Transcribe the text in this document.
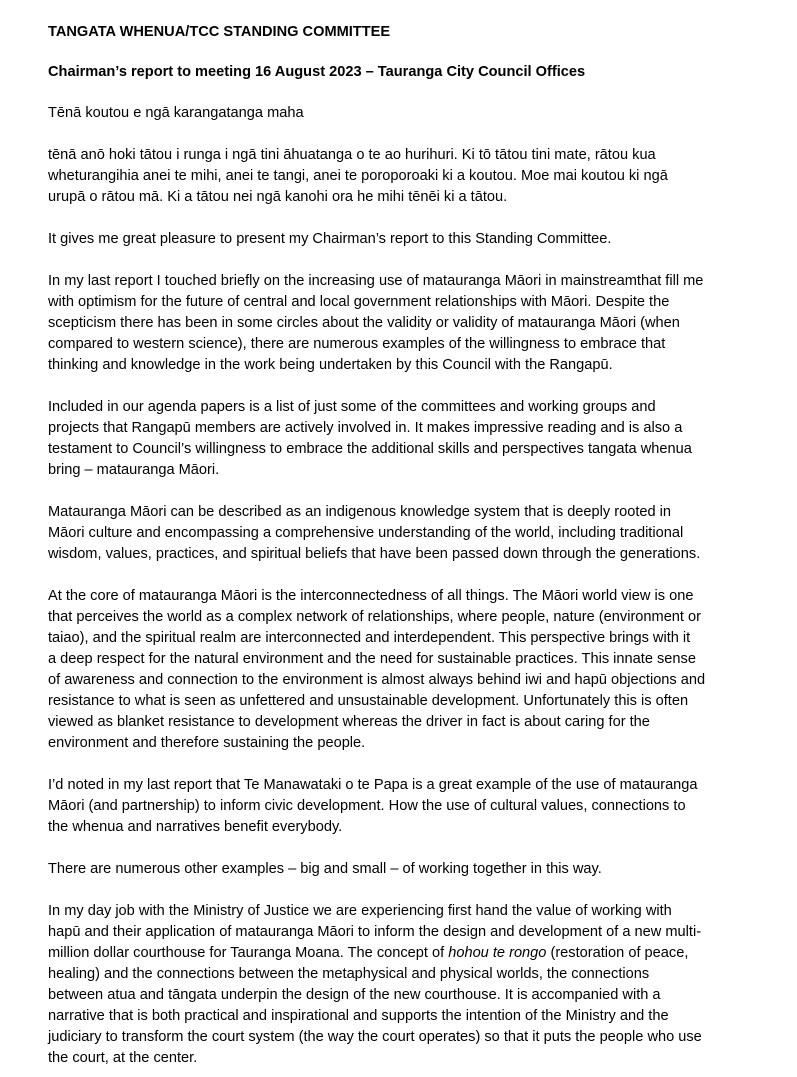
TANGATA WHENUA/TCC STANDING COMMITTEE

Chairman’s report to meeting 16 August 2023 – Tauranga City Council Offices

Tēnā koutou e ngā karangatanga maha

tēnā anō hoki tātou i runga i ngā tini āhuatanga o te ao hurihuri. Ki tō tātou tini mate, rātou kua
wheturangihia anei te mihi, anei te tangi, anei te poroporoaki ki a koutou. Moe mai koutou ki ngā
urupā o rātou mā. Ki a tātou nei ngā kanohi ora he mihi tēnēi ki a tātou.

It gives me great pleasure to present my Chairman’s report to this Standing Committee.

In my last report I touched briefly on the increasing use of matauranga Māori in mainstreamthat fill me
with optimism for the future of central and local government relationships with Māori. Despite the
scepticism there has been in some circles about the validity or validity of matauranga Māori (when
compared to western science), there are numerous examples of the willingness to embrace that
thinking and knowledge in the work being undertaken by this Council with the Rangapū.

Included in our agenda papers is a list of just some of the committees and working groups and
projects that Rangapū members are actively involved in. It makes impressive reading and is also a
testament to Council’s willingness to embrace the additional skills and perspectives tangata whenua
bring – matauranga Māori.

Matauranga Māori can be described as an indigenous knowledge system that is deeply rooted in
Māori culture and encompassing a comprehensive understanding of the world, including traditional
wisdom, values, practices, and spiritual beliefs that have been passed down through the generations.

At the core of matauranga Māori is the interconnectedness of all things. The Māori world view is one
that perceives the world as a complex network of relationships, where people, nature (environment or
taiao), and the spiritual realm are interconnected and interdependent. This perspective brings with it
a deep respect for the natural environment and the need for sustainable practices. This innate sense
of awareness and connection to the environment is almost always behind iwi and hapū objections and
resistance to what is seen as unfettered and unsustainable development. Unfortunately this is often
viewed as blanket resistance to development whereas the driver in fact is about caring for the
environment and therefore sustaining the people.

I’d noted in my last report that Te Manawataki o te Papa is a great example of the use of matauranga
Māori (and partnership) to inform civic development. How the use of cultural values, connections to
the whenua and narratives benefit everybody.

There are numerous other examples – big and small – of working together in this way.

In my day job with the Ministry of Justice we are experiencing first hand the value of working with
hapū and their application of matauranga Māori to inform the design and development of a new multi-
million dollar courthouse for Tauranga Moana. The concept of hohou te rongo (restoration of peace,
healing) and the connections between the metaphysical and physical worlds, the connections
between atua and tāngata underpin the design of the new courthouse. It is accompanied with a
narrative that is both practical and inspirational and supports the intention of the Ministry and the
judiciary to transform the court system (the way the court operates) so that it puts the people who use
the court, at the center.
